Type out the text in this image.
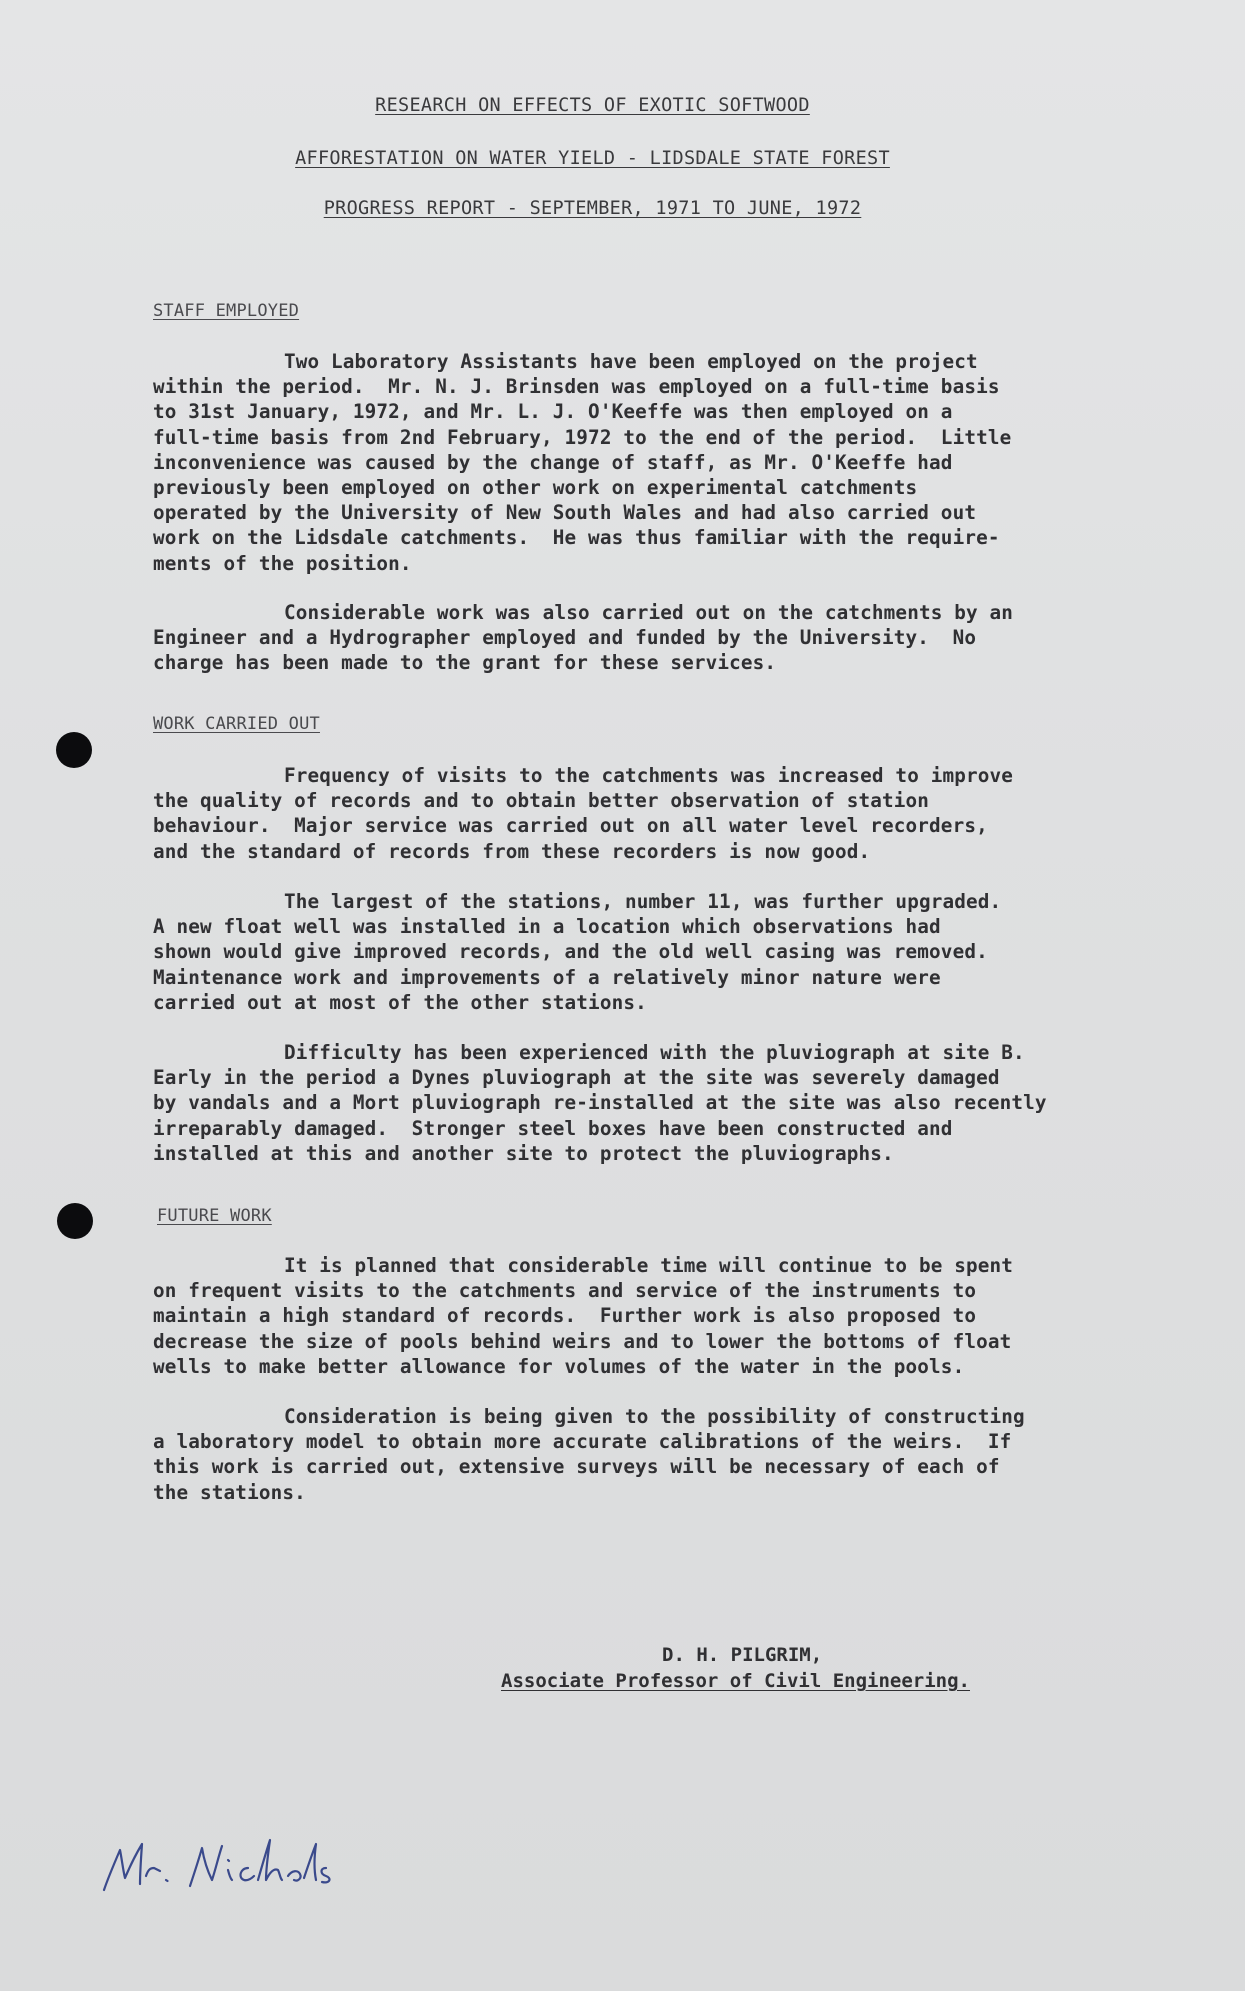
RESEARCH ON EFFECTS OF EXOTIC SOFTWOOD
AFFORESTATION ON WATER YIELD - LIDSDALE STATE FOREST
PROGRESS REPORT - SEPTEMBER, 1971 TO JUNE, 1972
STAFF EMPLOYED

Two Laboratory Assistants have been employed on the project
within the period.  Mr. N. J. Brinsden was employed on a full-time basis
to 31st January, 1972, and Mr. L. J. O'Keeffe was then employed on a
full-time basis from 2nd February, 1972 to the end of the period.  Little
inconvenience was caused by the change of staff, as Mr. O'Keeffe had
previously been employed on other work on experimental catchments
operated by the University of New South Wales and had also carried out
work on the Lidsdale catchments.  He was thus familiar with the require-
ments of the position.

Considerable work was also carried out on the catchments by an
Engineer and a Hydrographer employed and funded by the University.  No
charge has been made to the grant for these services.

WORK CARRIED OUT

Frequency of visits to the catchments was increased to improve
the quality of records and to obtain better observation of station
behaviour.  Major service was carried out on all water level recorders,
and the standard of records from these recorders is now good.

The largest of the stations, number 11, was further upgraded.
A new float well was installed in a location which observations had
shown would give improved records, and the old well casing was removed.
Maintenance work and improvements of a relatively minor nature were
carried out at most of the other stations.

Difficulty has been experienced with the pluviograph at site B.
Early in the period a Dynes pluviograph at the site was severely damaged
by vandals and a Mort pluviograph re-installed at the site was also recently
irreparably damaged.  Stronger steel boxes have been constructed and
installed at this and another site to protect the pluviographs.

FUTURE WORK

It is planned that considerable time will continue to be spent
on frequent visits to the catchments and service of the instruments to
maintain a high standard of records.  Further work is also proposed to
decrease the size of pools behind weirs and to lower the bottoms of float
wells to make better allowance for volumes of the water in the pools.

Consideration is being given to the possibility of constructing
a laboratory model to obtain more accurate calibrations of the weirs.  If
this work is carried out, extensive surveys will be necessary of each of
the stations.

D. H. PILGRIM,
Associate Professor of Civil Engineering.
